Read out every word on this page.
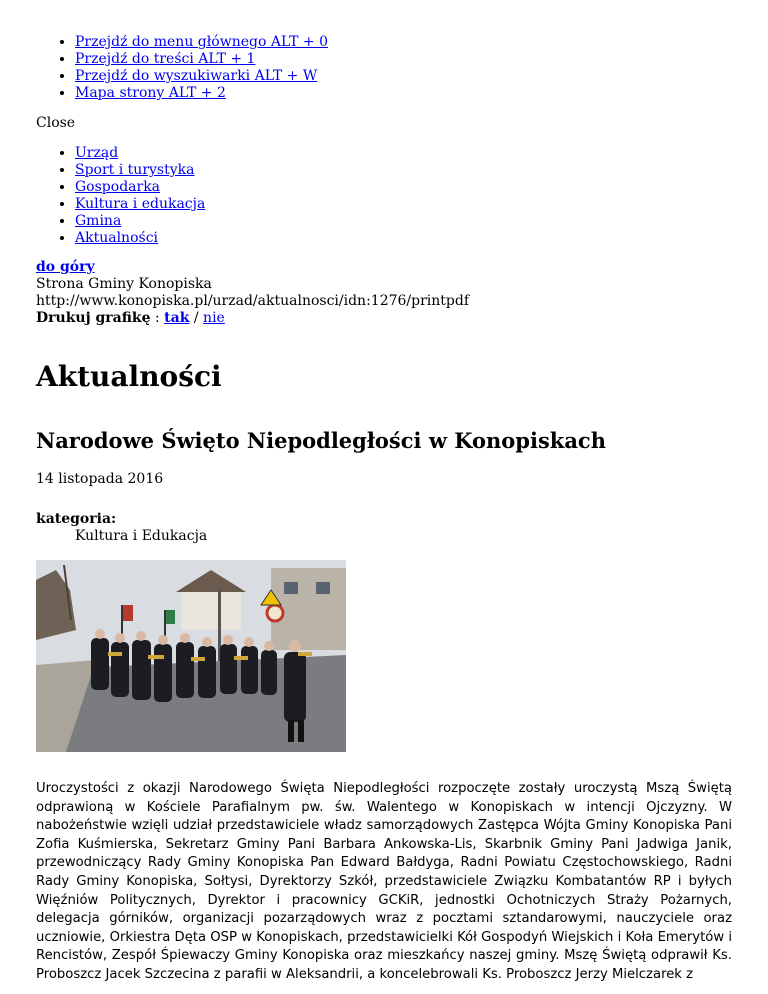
• Przejdź do menu głównego ALT + 0
• Przejdź do treści ALT + 1
• Przejdź do wyszukiwarki ALT + W
• Mapa strony ALT + 2
Close
• Urząd
• Sport i turystyka
• Gospodarka
• Kultura i edukacja
• Gmina
• Aktualności
do góry
Strona Gminy Konopiska
http://www.konopiska.pl/urzad/aktualnosci/idn:1276/printpdf
Drukuj grafikę : tak / nie
Aktualności
Narodowe Święto Niepodległości w Konopiskach
14 listopada 2016
kategoria:
Kultura i Edukacja
Uroczystości z okazji Narodowego Święta Niepodległości rozpoczęte zostały uroczystą Mszą Świętą odprawioną w Kościele Parafialnym pw. św. Walentego w Konopiskach w intencji Ojczyzny. W nabożeństwie wzięli udział przedstawiciele władz samorządowych Zastępca Wójta Gminy Konopiska Pani Zofia Kuśmierska, Sekretarz Gminy Pani Barbara Ankowska-Lis, Skarbnik Gminy Pani Jadwiga Janik, przewodniczący Rady Gminy Konopiska Pan Edward Bałdyga, Radni Powiatu Częstochowskiego, Radni Rady Gminy Konopiska, Sołtysi, Dyrektorzy Szkół, przedstawiciele Związku Kombatantów RP i byłych Więźniów Politycznych, Dyrektor i pracownicy GCKiR, jednostki Ochotniczych Straży Pożarnych, delegacja górników, organizacji pozarządowych wraz z pocztami sztandarowymi, nauczyciele oraz uczniowie, Orkiestra Dęta OSP w Konopiskach, przedstawicielki Kół Gospodyń Wiejskich i Koła Emerytów i Rencistów, Zespół Śpiewaczy Gminy Konopiska oraz mieszkańcy naszej gminy. Mszę Świętą odprawił Ks. Proboszcz Jacek Szczecina z parafii w Aleksandrii, a koncelebrowali Ks. Proboszcz Jerzy Mielczarek z
